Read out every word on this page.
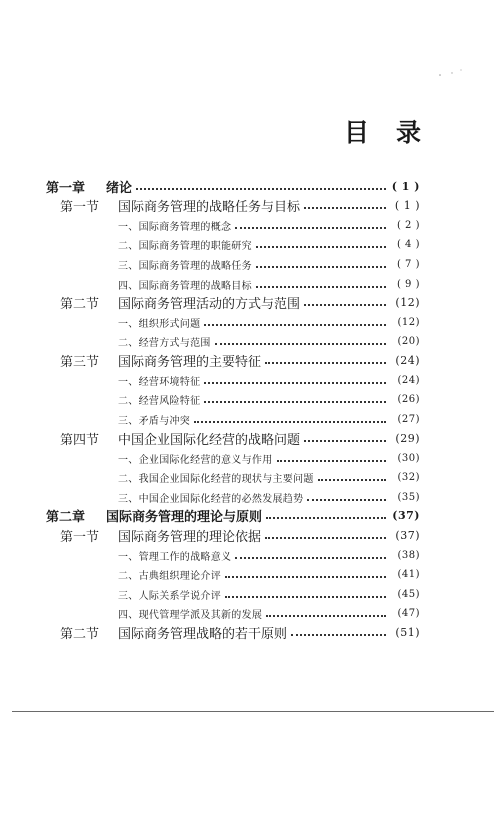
目 录
第一章 绪论	( 1 )
第一节 国际商务管理的战略任务与目标	( 1 )
一、国际商务管理的概念	( 2 )
二、国际商务管理的职能研究	( 4 )
三、国际商务管理的战略任务	( 7 )
四、国际商务管理的战略目标	( 9 )
第二节 国际商务管理活动的方式与范围	(12)
一、组织形式问题	(12)
二、经营方式与范围	(20)
第三节 国际商务管理的主要特征	(24)
一、经营环境特征	(24)
二、经营风险特征	(26)
三、矛盾与冲突	(27)
第四节 中国企业国际化经营的战略问题	(29)
一、企业国际化经营的意义与作用	(30)
二、我国企业国际化经营的现状与主要问题	(32)
三、中国企业国际化经营的必然发展趋势	(35)
第二章 国际商务管理的理论与原则	(37)
第一节 国际商务管理的理论依据	(37)
一、管理工作的战略意义	(38)
二、古典组织理论介评	(41)
三、人际关系学说介评	(45)
四、现代管理学派及其新的发展	(47)
第二节 国际商务管理战略的若干原则	(51)
